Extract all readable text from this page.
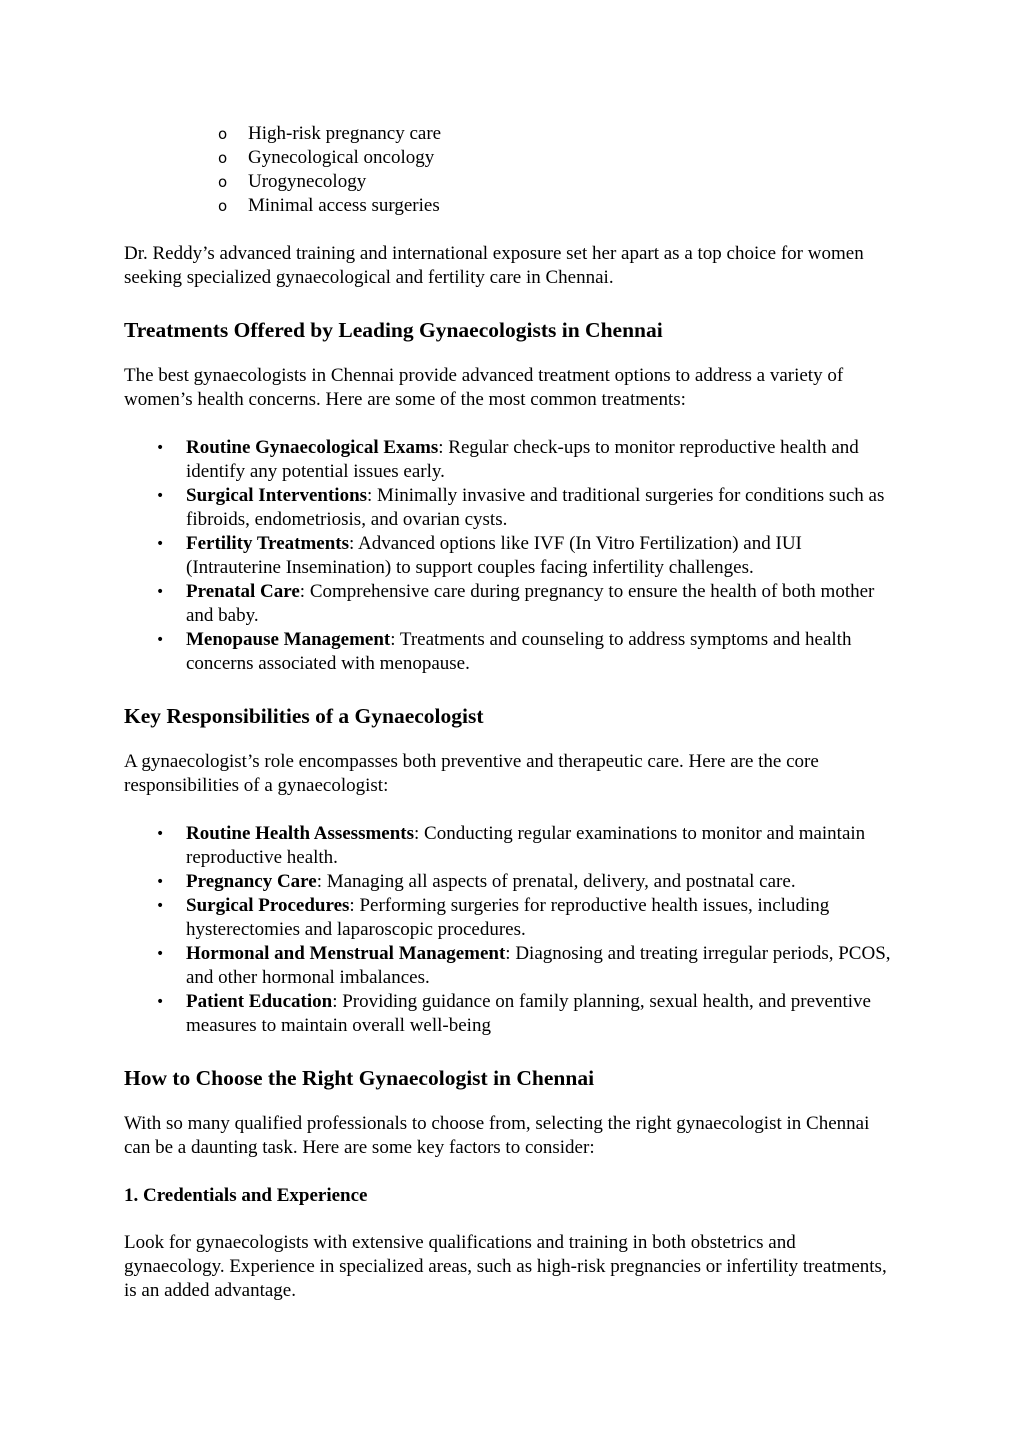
o High-risk pregnancy care
o Gynecological oncology
o Urogynecology
o Minimal access surgeries

Dr. Reddy’s advanced training and international exposure set her apart as a top choice for women seeking specialized gynaecological and fertility care in Chennai.

Treatments Offered by Leading Gynaecologists in Chennai

The best gynaecologists in Chennai provide advanced treatment options to address a variety of women’s health concerns. Here are some of the most common treatments:

• Routine Gynaecological Exams: Regular check-ups to monitor reproductive health and identify any potential issues early.
• Surgical Interventions: Minimally invasive and traditional surgeries for conditions such as fibroids, endometriosis, and ovarian cysts.
• Fertility Treatments: Advanced options like IVF (In Vitro Fertilization) and IUI (Intrauterine Insemination) to support couples facing infertility challenges.
• Prenatal Care: Comprehensive care during pregnancy to ensure the health of both mother and baby.
• Menopause Management: Treatments and counseling to address symptoms and health concerns associated with menopause.
Key Responsibilities of a Gynaecologist

A gynaecologist’s role encompasses both preventive and therapeutic care. Here are the core responsibilities of a gynaecologist:

• Routine Health Assessments: Conducting regular examinations to monitor and maintain reproductive health.
• Pregnancy Care: Managing all aspects of prenatal, delivery, and postnatal care.
• Surgical Procedures: Performing surgeries for reproductive health issues, including hysterectomies and laparoscopic procedures.
• Hormonal and Menstrual Management: Diagnosing and treating irregular periods, PCOS, and other hormonal imbalances.
• Patient Education: Providing guidance on family planning, sexual health, and preventive measures to maintain overall well-being
How to Choose the Right Gynaecologist in Chennai

With so many qualified professionals to choose from, selecting the right gynaecologist in Chennai can be a daunting task. Here are some key factors to consider:

1. Credentials and Experience

Look for gynaecologists with extensive qualifications and training in both obstetrics and gynaecology. Experience in specialized areas, such as high-risk pregnancies or infertility treatments, is an added advantage.
